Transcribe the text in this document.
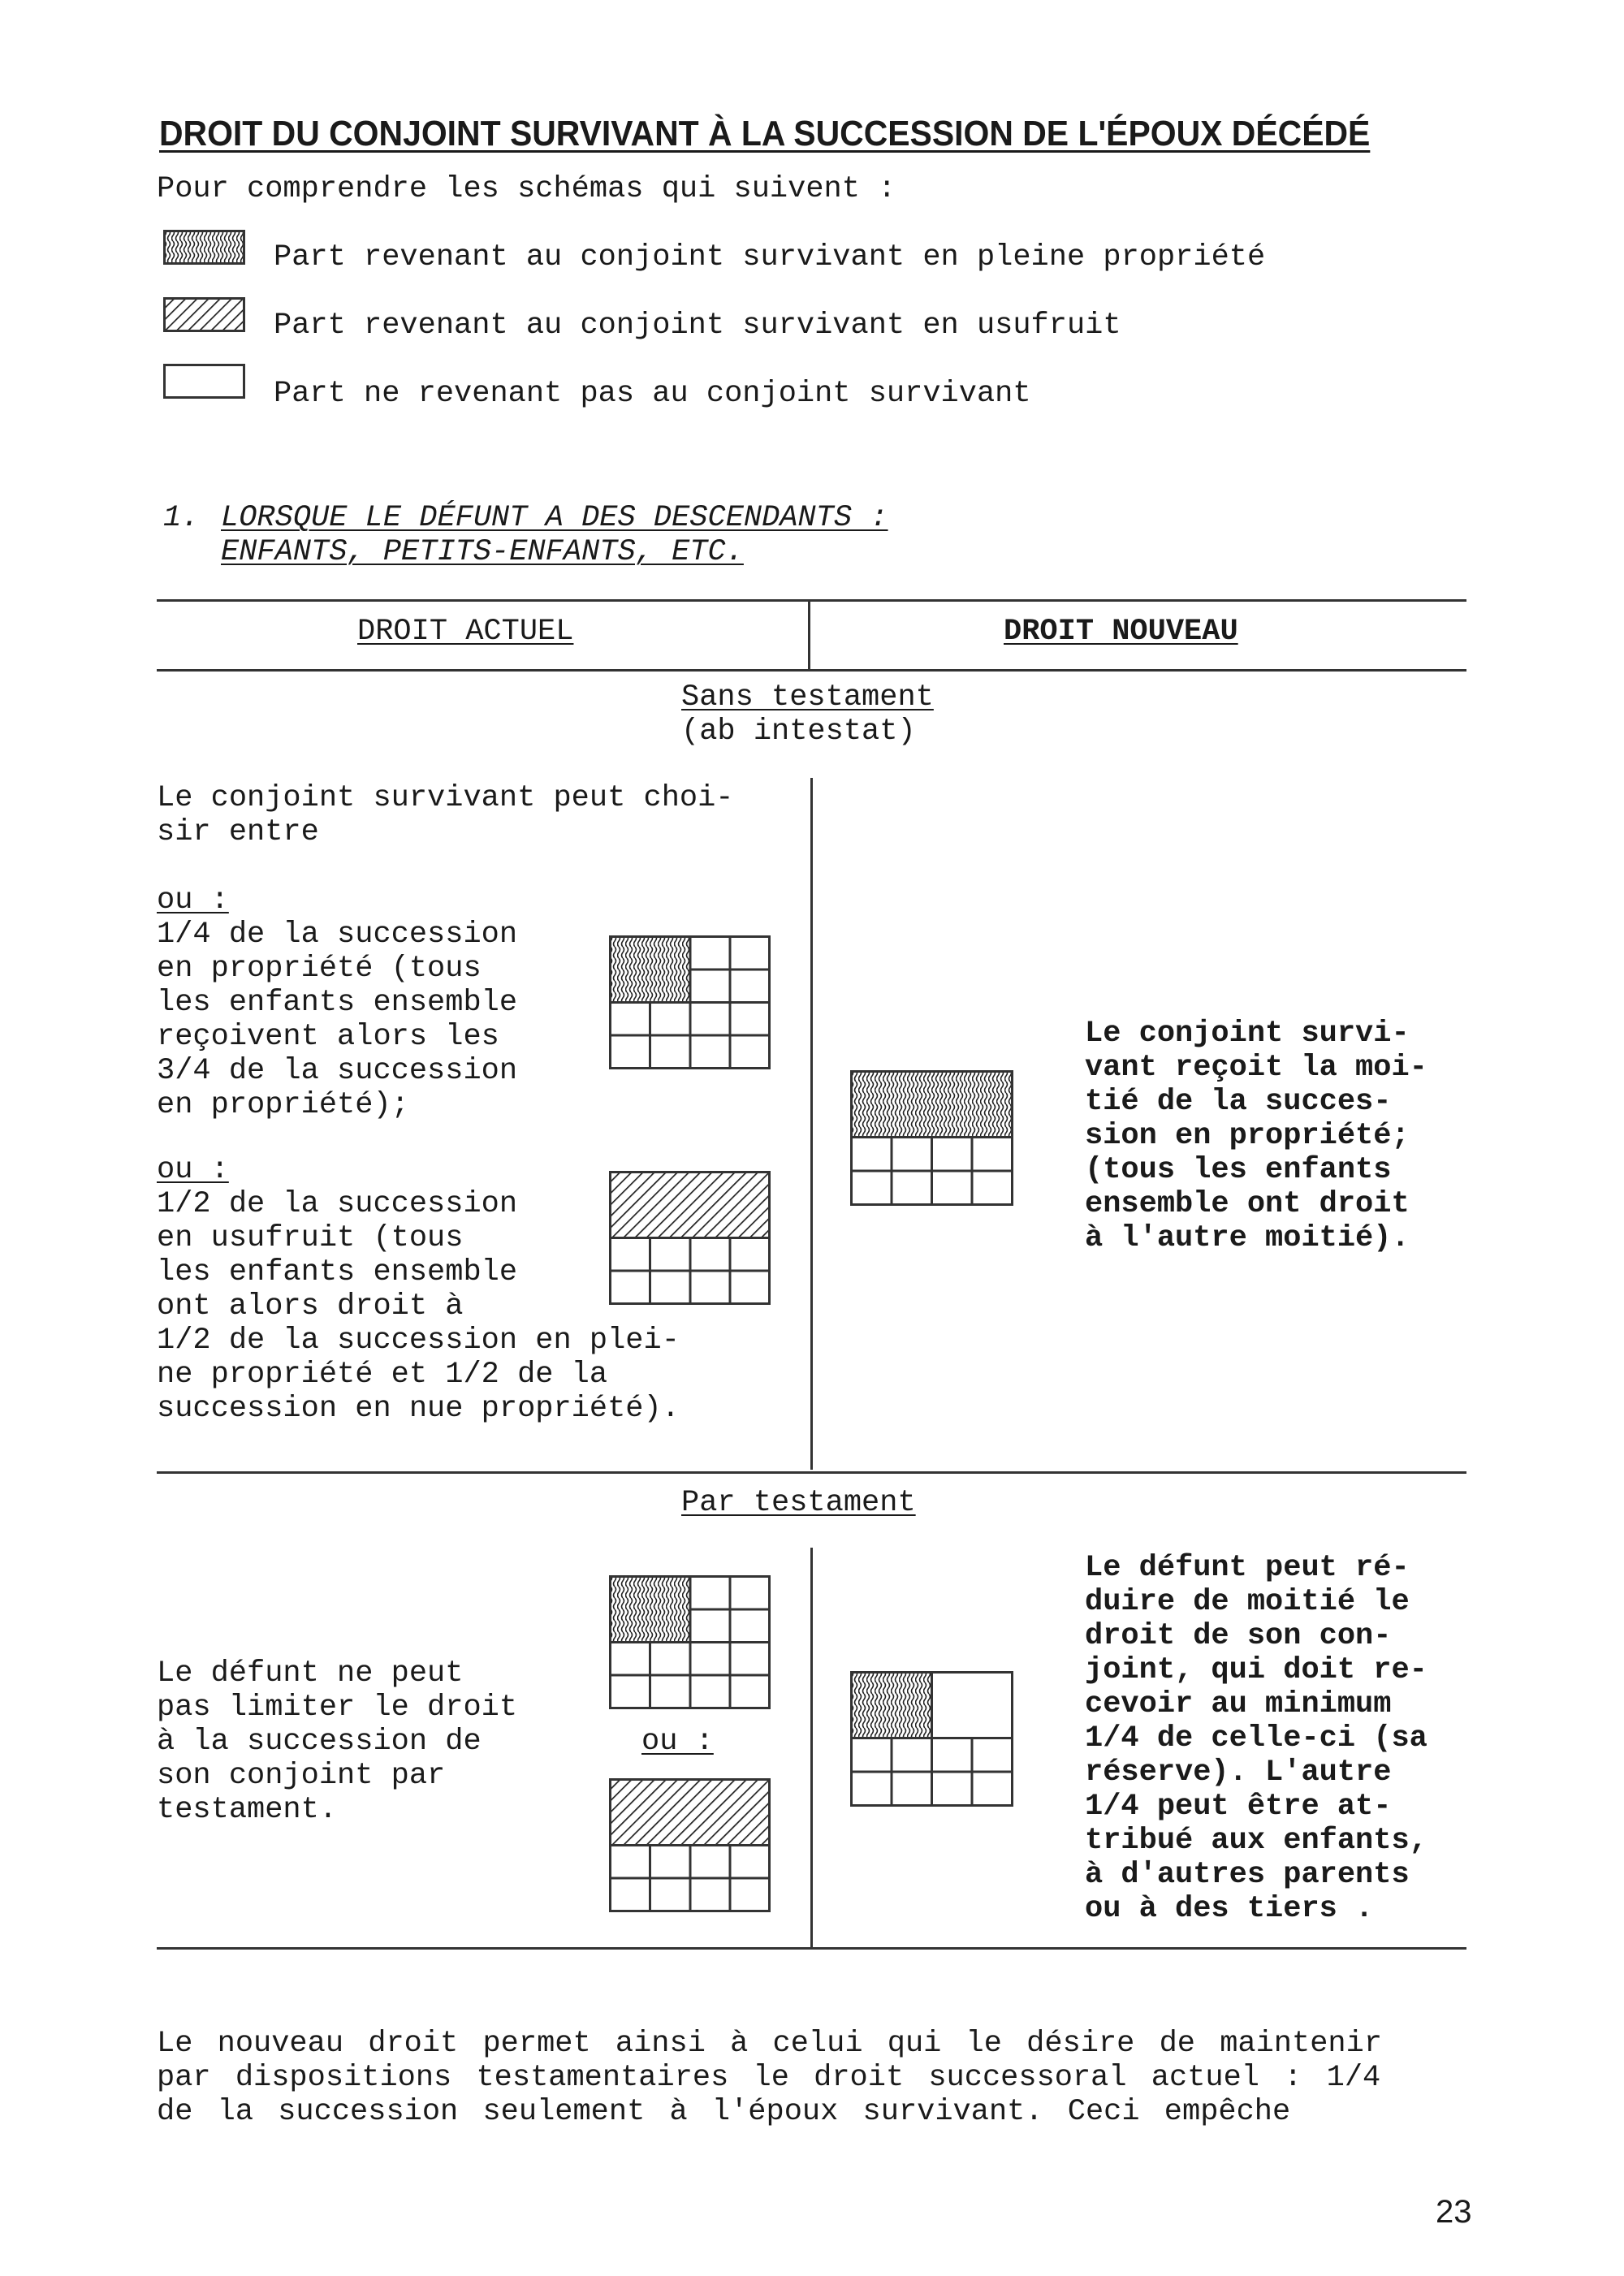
DROIT DU CONJOINT SURVIVANT À LA SUCCESSION DE L'ÉPOUX DÉCÉDÉ
Pour comprendre les schémas qui suivent :
Part revenant au conjoint survivant en pleine propriété
Part revenant au conjoint survivant en usufruit
Part ne revenant pas au conjoint survivant
1. LORSQUE LE DÉFUNT A DES DESCENDANTS :
ENFANTS, PETITS-ENFANTS, ETC.
DROIT ACTUEL	DROIT NOUVEAU
Sans testament
(ab intestat)
Le conjoint survivant peut choi-
sir entre
ou :
1/4 de la succession
en propriété (tous
les enfants ensemble
reçoivent alors les
3/4 de la succession
en propriété);
ou :
1/2 de la succession
en usufruit (tous
les enfants ensemble
ont alors droit à
1/2 de la succession en plei-
ne propriété et 1/2 de la
succession en nue propriété).
Le conjoint survi-
vant reçoit la moi-
tié de la succes-
sion en propriété;
(tous les enfants
ensemble ont droit
à l'autre moitié).
Par testament
Le défunt ne peut
pas limiter le droit
à la succession de
son conjoint par
testament.
ou :
Le défunt peut ré-
duire de moitié le
droit de son con-
joint, qui doit re-
cevoir au minimum
1/4 de celle-ci (sa
réserve). L'autre
1/4 peut être at-
tribué aux enfants,
à d'autres parents
ou à des tiers .
Le nouveau droit permet ainsi à celui qui le désire de maintenir
par dispositions testamentaires le droit successoral actuel : 1/4
de la succession seulement à l'époux survivant. Ceci empêche
23
